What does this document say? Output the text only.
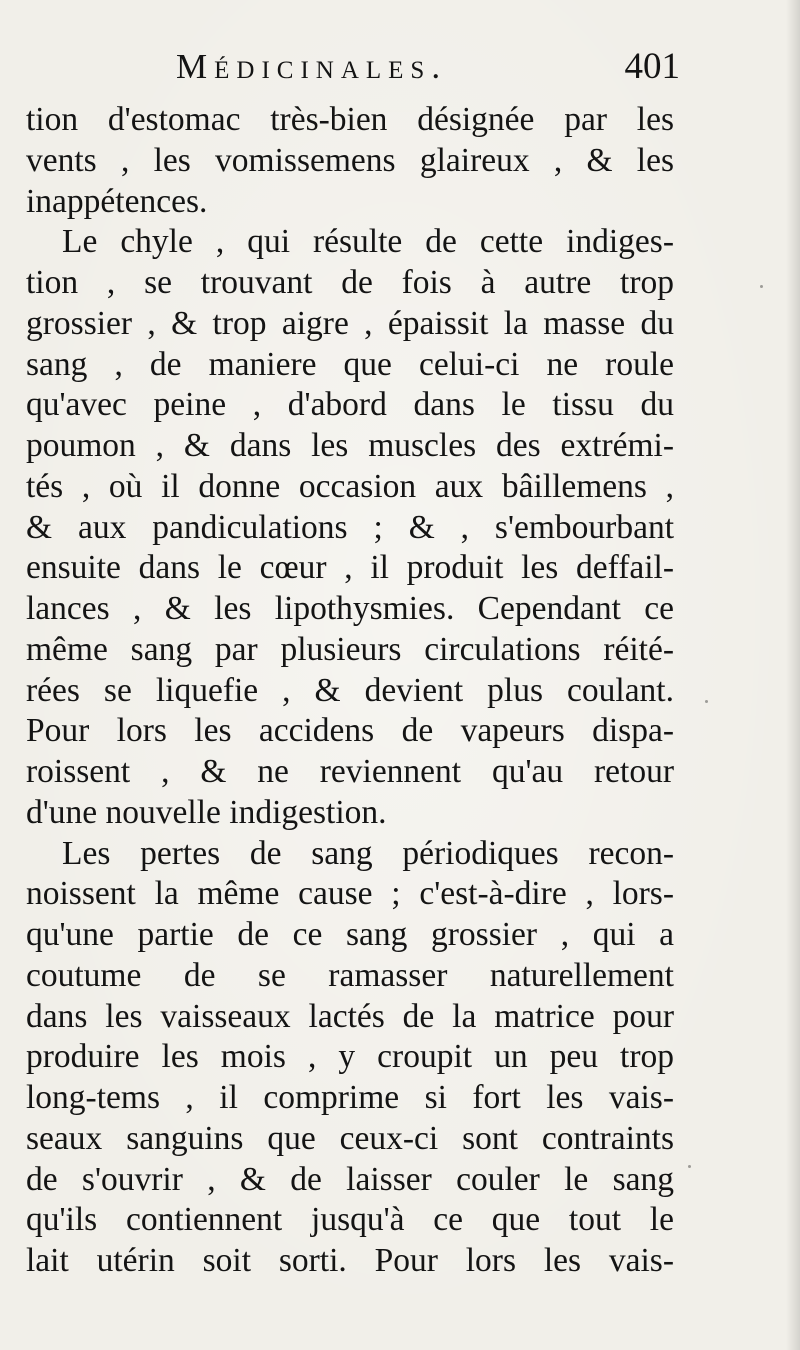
Médicinales.	401
tion d'estomac très-bien désignée par les
vents , les vomissemens glaireux , & les
inappétences.
Le chyle , qui résulte de cette indiges-
tion , se trouvant de fois à autre trop
grossier , & trop aigre , épaissit la masse du
sang , de maniere que celui-ci ne roule
qu'avec peine , d'abord dans le tissu du
poumon , & dans les muscles des extrémi-
tés , où il donne occasion aux bâillemens ,
& aux pandiculations ; & , s'embourbant
ensuite dans le cœur , il produit les deffail-
lances , & les lipothysmies. Cependant ce
même sang par plusieurs circulations réité-
rées se liquefie , & devient plus coulant.
Pour lors les accidens de vapeurs dispa-
roissent , & ne reviennent qu'au retour
d'une nouvelle indigestion.
Les pertes de sang périodiques recon-
noissent la même cause ; c'est-à-dire , lors-
qu'une partie de ce sang grossier , qui a
coutume de se ramasser naturellement
dans les vaisseaux lactés de la matrice pour
produire les mois , y croupit un peu trop
long-tems , il comprime si fort les vais-
seaux sanguins que ceux-ci sont contraints
de s'ouvrir , & de laisser couler le sang
qu'ils contiennent jusqu'à ce que tout le
lait utérin soit sorti. Pour lors les vais-
